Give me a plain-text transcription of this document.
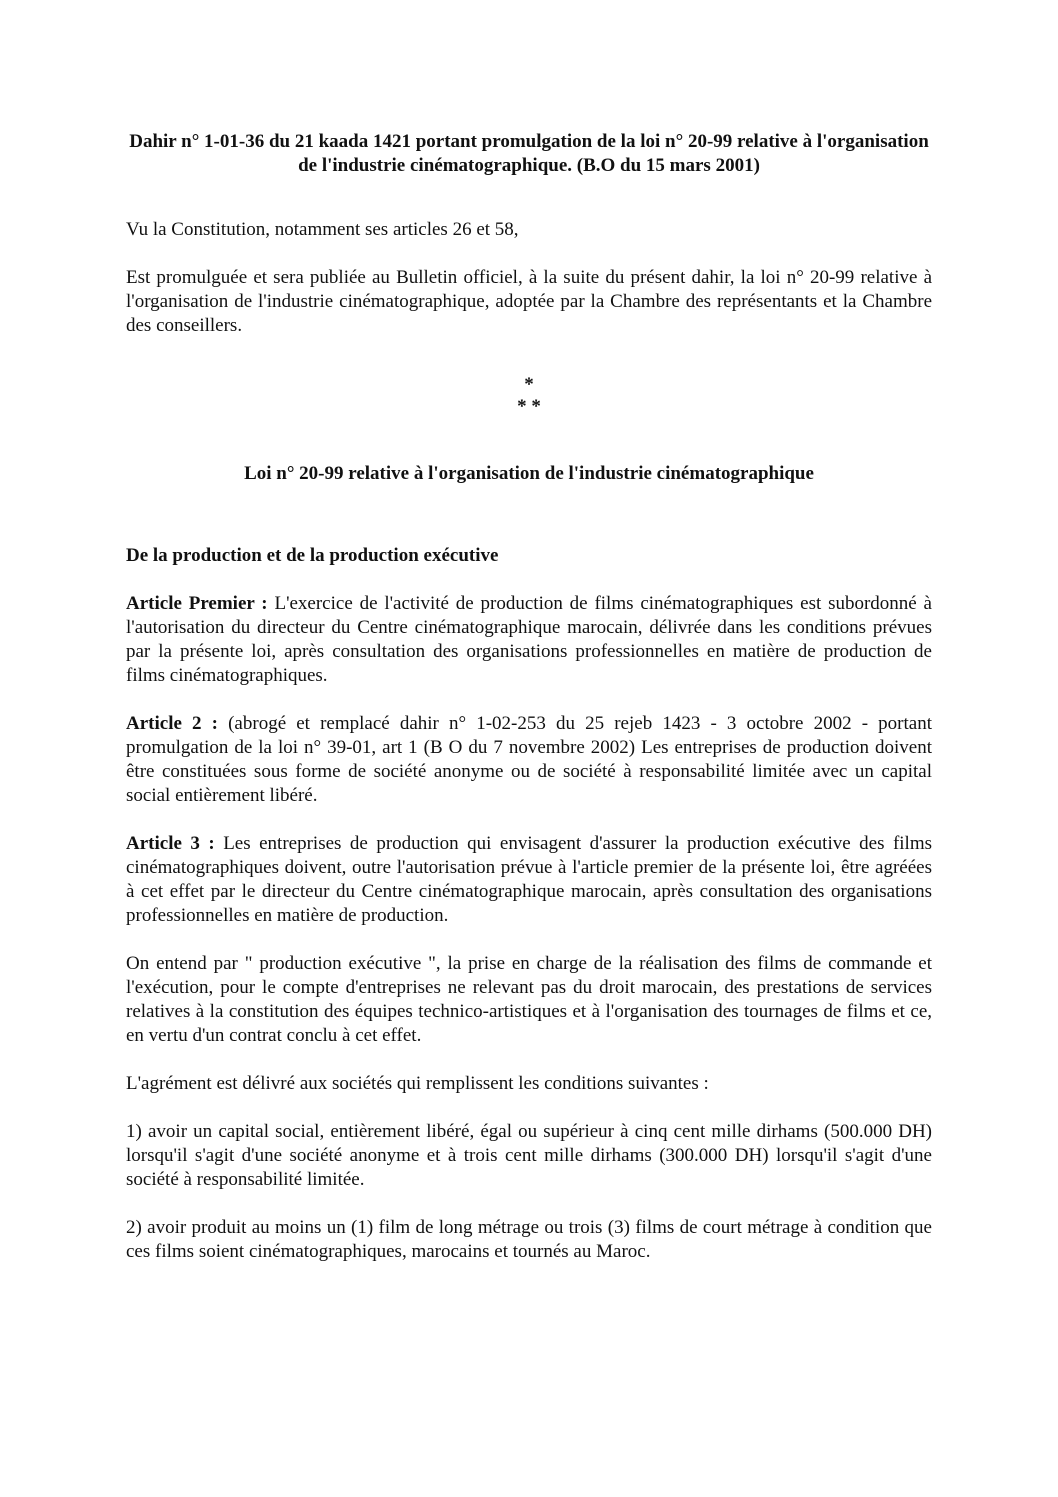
Dahir n° 1-01-36 du 21 kaada 1421 portant promulgation de la loi n° 20-99 relative à l'organisation de l'industrie cinématographique. (B.O du 15 mars 2001)

Vu la Constitution, notamment ses articles 26 et 58,

Est promulguée et sera publiée au Bulletin officiel, à la suite du présent dahir, la loi n° 20-99 relative à l'organisation de l'industrie cinématographique, adoptée par la Chambre des représentants et la Chambre des conseillers.

*
* *
Loi n° 20-99 relative à l'organisation de l'industrie cinématographique
De la production et de la production exécutive

Article Premier : L'exercice de l'activité de production de films cinématographiques est subordonné à l'autorisation du directeur du Centre cinématographique marocain, délivrée dans les conditions prévues par la présente loi, après consultation des organisations professionnelles en matière de production de films cinématographiques.

Article 2 : (abrogé et remplacé dahir n° 1-02-253 du 25 rejeb 1423 - 3 octobre 2002 - portant promulgation de la loi n° 39-01, art 1 (B O du 7 novembre 2002) Les entreprises de production doivent être constituées sous forme de société anonyme ou de société à responsabilité limitée avec un capital social entièrement libéré.

Article 3 : Les entreprises de production qui envisagent d'assurer la production exécutive des films cinématographiques doivent, outre l'autorisation prévue à l'article premier de la présente loi, être agréées à cet effet par le directeur du Centre cinématographique marocain, après consultation des organisations professionnelles en matière de production.

On entend par " production exécutive ", la prise en charge de la réalisation des films de commande et l'exécution, pour le compte d'entreprises ne relevant pas du droit marocain, des prestations de services relatives à la constitution des équipes technico-artistiques et à l'organisation des tournages de films et ce, en vertu d'un contrat conclu à cet effet.

L'agrément est délivré aux sociétés qui remplissent les conditions suivantes :

1) avoir un capital social, entièrement libéré, égal ou supérieur à cinq cent mille dirhams (500.000 DH) lorsqu'il s'agit d'une société anonyme et à trois cent mille dirhams (300.000 DH) lorsqu'il s'agit d'une société à responsabilité limitée.

2) avoir produit au moins un (1) film de long métrage ou trois (3) films de court métrage à condition que ces films soient cinématographiques, marocains et tournés au Maroc.
